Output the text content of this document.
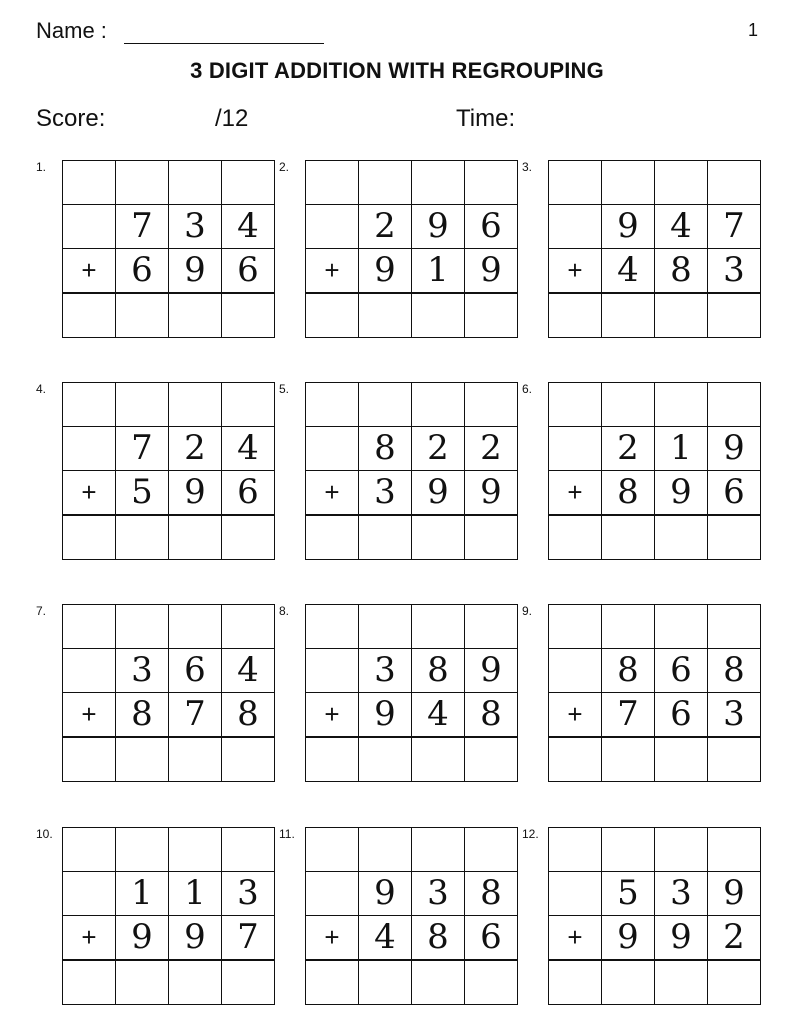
Name :	1
3 DIGIT ADDITION WITH REGROUPING
Score:	/12	Time:
1.

	7	3	4
+	6	9	6

2.

	2	9	6
+	9	1	9

3.

	9	4	7
+	4	8	3

4.

	7	2	4
+	5	9	6

5.

	8	2	2
+	3	9	9

6.

	2	1	9
+	8	9	6

7.

	3	6	4
+	8	7	8

8.

	3	8	9
+	9	4	8

9.

	8	6	8
+	7	6	3

10.

	1	1	3
+	9	9	7

11.

	9	3	8
+	4	8	6

12.

	5	3	9
+	9	9	2
